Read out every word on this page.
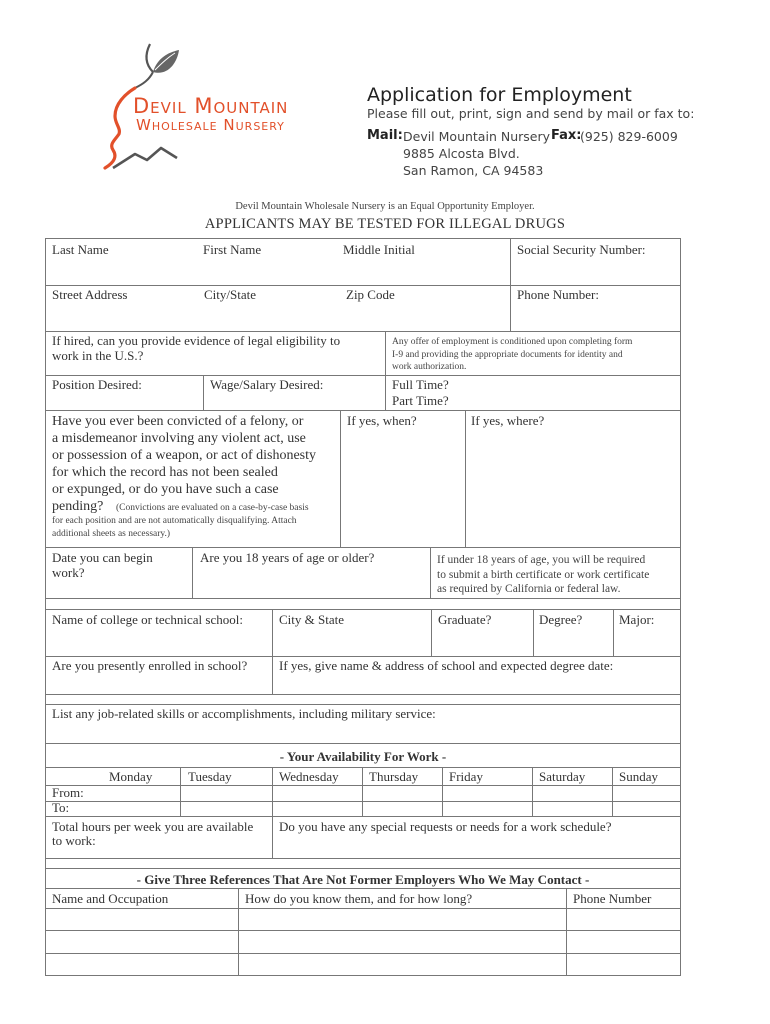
Devil Mountain
Wholesale Nursery
Application for Employment
Please fill out, print, sign and send by mail or fax to:
Mail: Devil Mountain Nursery
9885 Alcosta Blvd.
San Ramon, CA 94583
Fax:
(925) 829-6009
Devil Mountain Wholesale Nursery is an Equal Opportunity Employer.
APPLICANTS MAY BE TESTED FOR ILLEGAL DRUGS
Last Name	First Name	Middle Initial	Social Security Number:
Street Address	City/State	Zip Code	Phone Number:
If hired, can you provide evidence of legal eligibility to
work in the U.S.?
Any offer of employment is conditioned upon completing form
I-9 and providing the appropriate documents for identity and
work authorization.
Position Desired:	Wage/Salary Desired:	Full Time?
Part Time?
Have you ever been convicted of a felony, or
a misdemeanor involving any violent act, use
or possession of a weapon, or act of dishonesty
for which the record has not been sealed
or expunged, or do you have such a case
pending? (Convictions are evaluated on a case-by-case basis
for each position and are not automatically disqualifying. Attach
additional sheets as necessary.)
If yes, when?	If yes, where?
Date you can begin
work?
Are you 18 years of age or older?	If under 18 years of age, you will be required
to submit a birth certificate or work certificate
as required by California or federal law.
Name of college or technical school:	City & State	Graduate?	Degree?	Major:
Are you presently enrolled in school? If yes, give name & address of school and expected degree date:
List any job-related skills or accomplishments, including military service:
- Your Availability For Work -
Monday	Tuesday	Wednesday Thursday Friday	Saturday	Sunday
From:
To:
Total hours per week you are available
to work:
Do you have any special requests or needs for a work schedule?
- Give Three References That Are Not Former Employers Who We May Contact -
Name and Occupation	How do you know them, and for how long?	Phone Number
